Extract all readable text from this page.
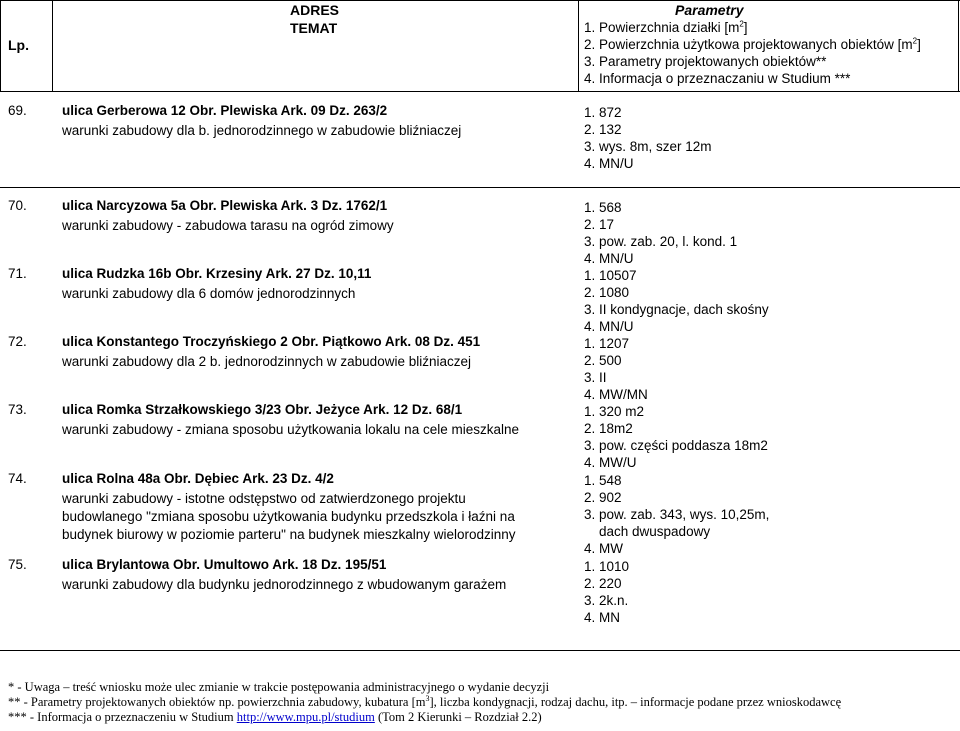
Lp.
ADRES
TEMAT
Parametry
1. Powierzchnia działki $[m^2]$
2. Powierzchnia użytkowa projektowanych obiektów $[m^2]$
3. Parametry projektowanych obiektów**
4. Informacja o przeznaczaniu w Studium ***
69.	ulica Gerberowa 12 Obr. Plewiska Ark. 09 Dz. 263/2
warunki zabudowy dla b. jednorodzinnego w zabudowie bliźniaczej
1. 872
2. 132
3. wys. 8m, szer 12m
4. MN/U
70.	ulica Narcyzowa 5a Obr. Plewiska Ark. 3 Dz. 1762/1
warunki zabudowy - zabudowa tarasu na ogród zimowy
1. 568
2. 17
3. pow. zab. 20, l. kond. 1
4. MN/U
71.	ulica Rudzka 16b Obr. Krzesiny Ark. 27 Dz. 10,11
warunki zabudowy dla 6 domów jednorodzinnych
1. 10507
2. 1080
3. II kondygnacje, dach skośny
4. MN/U
72.	ulica Konstantego Troczyńskiego 2 Obr. Piątkowo Ark. 08 Dz. 451
warunki zabudowy dla 2 b. jednorodzinnych w zabudowie bliźniaczej
1. 1207
2. 500
3. II
4. MW/MN
73.	ulica Romka Strzałkowskiego 3/23 Obr. Jeżyce Ark. 12 Dz. 68/1
warunki zabudowy - zmiana sposobu użytkowania lokalu na cele mieszkalne
1. 320 m2
2. 18m2
3. pow. części poddasza 18m2
4. MW/U
74.	ulica Rolna 48a Obr. Dębiec Ark. 23 Dz. 4/2
warunki zabudowy - istotne odstępstwo od zatwierdzonego projektu
budowlanego "zmiana sposobu użytkowania budynku przedszkola i łaźni na
budynek biurowy w poziomie parteru" na budynek mieszkalny wielorodzinny
1. 548
2. 902
3. pow. zab. 343, wys. 10,25m,
dach dwuspadowy
4. MW
75.	ulica Brylantowa Obr. Umultowo Ark. 18 Dz. 195/51
warunki zabudowy dla budynku jednorodzinnego z wbudowanym garażem
1. 1010
2. 220
3. 2k.n.
4. MN
* - Uwaga – treść wniosku może ulec zmianie w trakcie postępowania administracyjnego o wydanie decyzji
** - Parametry projektowanych obiektów np. powierzchnia zabudowy, kubatura $[m^3]$, liczba kondygnacji, rodzaj dachu, itp. – informacje podane przez wnioskodawcę
*** - Informacja o przeznaczeniu w Studium http://www.mpu.pl/studium (Tom 2 Kierunki – Rozdział 2.2)
